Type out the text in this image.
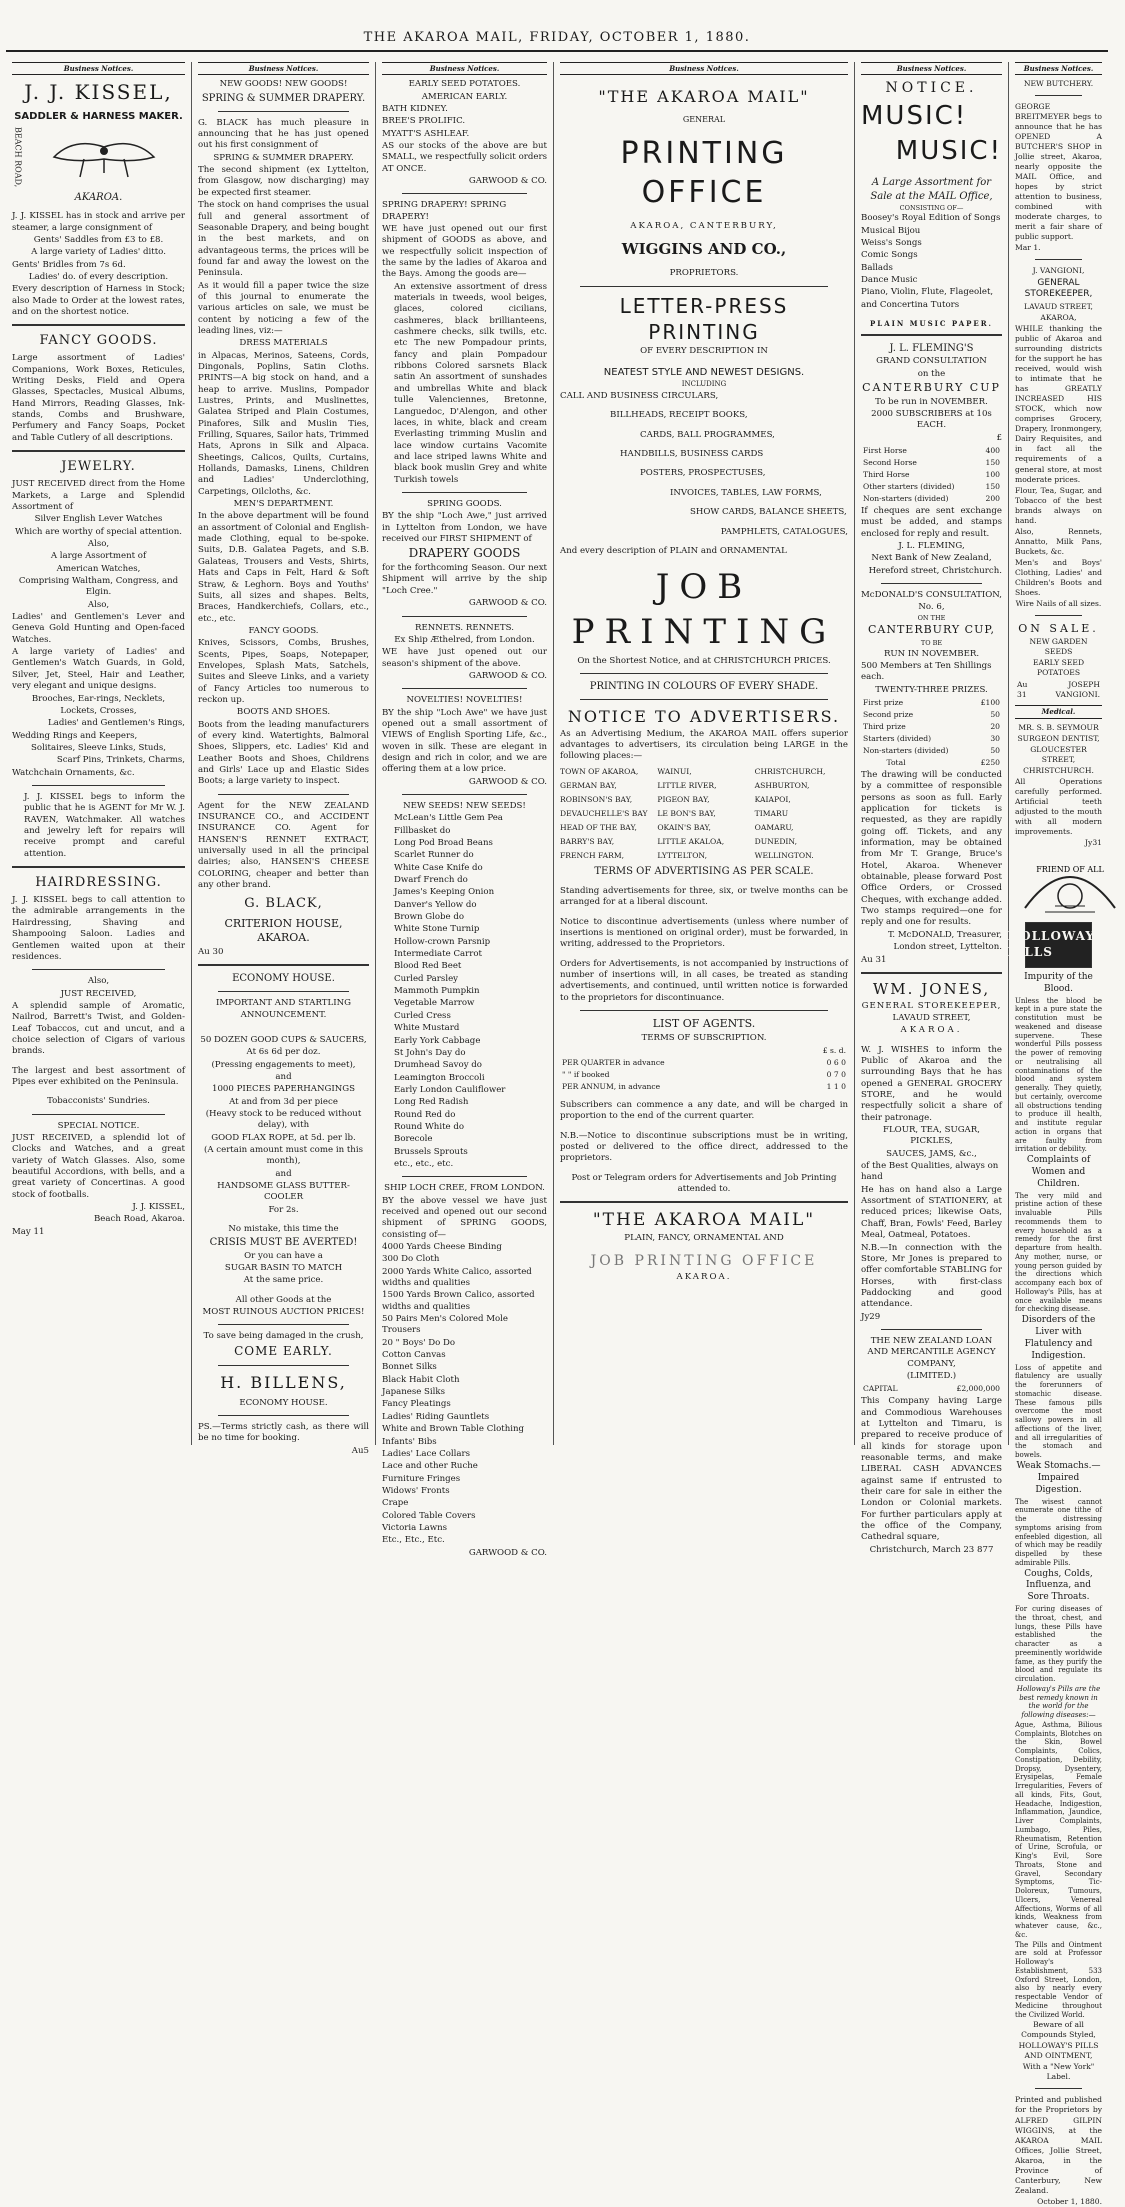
THE AKAROA MAIL, FRIDAY, OCTOBER 1, 1880.
Business Notices.
J. J. KISSEL,
SADDLER & HARNESS MAKER.
BEACH ROAD,
AKAROA.

J. J. KISSEL has in stock and arrive per steamer, a large consignment of

Gents' Saddles from £3 to £8.

A large variety of Ladies' ditto.

Gents' Bridles from 7s 6d.

Ladies' do. of every description.

Every description of Harness in Stock; also Made to Order at the lowest rates, and on the shortest notice.

FANCY GOODS.

Large assortment of Ladies' Companions, Work Boxes, Reticules, Writing Desks, Field and Opera Glasses, Spectacles, Musical Albums, Hand Mirrors, Reading Glasses, Ink-stands, Combs and Brushware, Perfumery and Fancy Soaps, Pocket and Table Cutlery of all descriptions.

JEWELRY.

JUST RECEIVED direct from the Home Markets, a Large and Splendid Assortment of

Silver English Lever Watches

Which are worthy of special attention.

Also,

A large Assortment of

American Watches,

Comprising Waltham, Congress, and Elgin.

Also,

Ladies' and Gentlemen's Lever and Geneva Gold Hunting and Open-faced Watches.

A large variety of Ladies' and Gentlemen's Watch Guards, in Gold, Silver, Jet, Steel, Hair and Leather, very elegant and unique designs.

Brooches, Ear-rings, Necklets,

Lockets, Crosses,

Ladies' and Gentlemen's Rings,

Wedding Rings and Keepers,

Solitaires, Sleeve Links, Studs,

Scarf Pins, Trinkets, Charms,

Watchchain Ornaments, &c.

J. J. KISSEL begs to inform the public that he is AGENT for Mr W. J. RAVEN, Watchmaker. All watches and jewelry left for repairs will receive prompt and careful attention.

HAIRDRESSING.

J. J. KISSEL begs to call attention to the admirable arrangements in the Hairdressing, Shaving and Shampooing Saloon. Ladies and Gentlemen waited upon at their residences.

Also,

JUST RECEIVED,

A splendid sample of Aromatic, Nailrod, Barrett's Twist, and Golden-Leaf Tobaccos, cut and uncut, and a choice selection of Cigars of various brands.

The largest and best assortment of Pipes ever exhibited on the Peninsula.

Tobacconists' Sundries.

SPECIAL NOTICE.

JUST RECEIVED, a splendid lot of Clocks and Watches, and a great variety of Watch Glasses. Also, some beautiful Accordions, with bells, and a great variety of Concertinas. A good stock of footballs.

J. J. KISSEL,

Beach Road, Akaroa.

May 11

Business Notices.

NEW GOODS! NEW GOODS!

SPRING & SUMMER DRAPERY.

G. BLACK has much pleasure in announcing that he has just opened out his first consignment of

SPRING & SUMMER DRAPERY.

The second shipment (ex Lyttelton, from Glasgow, now discharging) may be expected first steamer.

The stock on hand comprises the usual full and general assortment of Seasonable Drapery, and being bought in the best markets, and on advantageous terms, the prices will be found far and away the lowest on the Peninsula.

As it would fill a paper twice the size of this journal to enumerate the various articles on sale, we must be content by noticing a few of the leading lines, viz:—

DRESS MATERIALS

in Alpacas, Merinos, Sateens, Cords, Dingonals, Poplins, Satin Cloths. PRINTS—A big stock on hand, and a heap to arrive. Muslins, Pompador Lustres, Prints, and Muslinettes, Galatea Striped and Plain Costumes, Pinafores, Silk and Muslin Ties, Frilling, Squares, Sailor hats, Trimmed Hats, Aprons in Silk and Alpaca. Sheetings, Calicos, Quilts, Curtains, Hollands, Damasks, Linens, Children and Ladies' Underclothing, Carpetings, Oilcloths, &c.

MEN'S DEPARTMENT.

In the above department will be found an assortment of Colonial and English-made Clothing, equal to be-spoke. Suits, D.B. Galatea Pagets, and S.B. Galateas, Trousers and Vests, Shirts, Hats and Caps in Felt, Hard & Soft Straw, & Leghorn. Boys and Youths' Suits, all sizes and shapes. Belts, Braces, Handkerchiefs, Collars, etc., etc., etc.

FANCY GOODS.

Knives, Scissors, Combs, Brushes, Scents, Pipes, Soaps, Notepaper, Envelopes, Splash Mats, Satchels, Suites and Sleeve Links, and a variety of Fancy Articles too numerous to reckon up.

BOOTS AND SHOES.

Boots from the leading manufacturers of every kind. Watertights, Balmoral Shoes, Slippers, etc. Ladies' Kid and Leather Boots and Shoes, Childrens and Girls' Lace up and Elastic Sides Boots; a large variety to inspect.

Agent for the NEW ZEALAND INSURANCE CO., and ACCIDENT INSURANCE CO. Agent for HANSEN'S RENNET EXTRACT, universally used in all the principal dairies; also, HANSEN'S CHEESE COLORING, cheaper and better than any other brand.

G. BLACK,

CRITERION HOUSE, AKAROA.

Au 30

ECONOMY HOUSE.

IMPORTANT AND STARTLING ANNOUNCEMENT.

50 DOZEN GOOD CUPS & SAUCERS,

At 6s 6d per doz.

(Pressing engagements to meet),

and

1000 PIECES PAPERHANGINGS

At and from 3d per piece

(Heavy stock to be reduced without delay), with

GOOD FLAX ROPE, at 5d. per lb.

(A certain amount must come in this month),

and

HANDSOME GLASS BUTTER-COOLER

For 2s.

No mistake, this time the

CRISIS MUST BE AVERTED!

Or you can have a

SUGAR BASIN TO MATCH

At the same price.

All other Goods at the

MOST RUINOUS AUCTION PRICES!

To save being damaged in the crush,

COME EARLY.

H. BILLENS,

ECONOMY HOUSE.

PS.—Terms strictly cash, as there will be no time for booking.

Au5

Business Notices.

EARLY SEED POTATOES.

AMERICAN EARLY.

BATH KIDNEY.

BREE'S PROLIFIC.

MYATT'S ASHLEAF.

AS our stocks of the above are but SMALL, we respectfully solicit orders AT ONCE.

GARWOOD & CO.

SPRING DRAPERY! SPRING DRAPERY!

WE have just opened out our first shipment of GOODS as above, and we respectfully solicit inspection of the same by the ladies of Akaroa and the Bays. Among the goods are—

An extensive assortment of dress materials in tweeds, wool beiges, glaces, colored cicilians, cashmeres, black brillianteens, cashmere checks, silk twills, etc. etc The new Pompadour prints, fancy and plain Pompadour ribbons Colored sarsnets Black satin An assortment of sunshades and umbrellas White and black tulle Valenciennes, Bretonne, Languedoc, D'Alengon, and other laces, in white, black and cream Everlasting trimming Muslin and lace window curtains Vacomite and lace striped lawns White and black book muslin Grey and white Turkish towels

SPRING GOODS.

BY the ship "Loch Awe," just arrived in Lyttelton from London, we have received our FIRST SHIPMENT of

DRAPERY GOODS

for the forthcoming Season. Our next Shipment will arrive by the ship "Loch Cree."

GARWOOD & CO.

RENNETS. RENNETS.

Ex Ship Æthelred, from London.

WE have just opened out our season's shipment of the above.

GARWOOD & CO.

NOVELTIES! NOVELTIES!

BY the ship "Loch Awe" we have just opened out a small assortment of VIEWS of English Sporting Life, &c., woven in silk. These are elegant in design and rich in color, and we are offering them at a low price.

GARWOOD & CO.

NEW SEEDS! NEW SEEDS!

McLean's Little Gem Pea

Fillbasket do

Long Pod Broad Beans

Scarlet Runner do

White Case Knife do

Dwarf French do

James's Keeping Onion

Danver's Yellow do

Brown Globe do

White Stone Turnip

Hollow-crown Parsnip

Intermediate Carrot

Blood Red Beet

Curled Parsley

Mammoth Pumpkin

Vegetable Marrow

Curled Cress

White Mustard

Early York Cabbage

St John's Day do

Drumhead Savoy do

Leamington Broccoli

Early London Cauliflower

Long Red Radish

Round Red do

Round White do

Borecole

Brussels Sprouts

etc., etc., etc.

SHIP LOCH CREE, FROM LONDON.

BY the above vessel we have just received and opened out our second shipment of SPRING GOODS, consisting of—

4000 Yards Cheese Binding

300 Do Cloth

2000 Yards White Calico, assorted widths and qualities

1500 Yards Brown Calico, assorted widths and qualities

50 Pairs Men's Colored Mole Trousers

20 " Boys' Do Do

Cotton Canvas

Bonnet Silks

Black Habit Cloth

Japanese Silks

Fancy Pleatings

Ladies' Riding Gauntlets

White and Brown Table Clothing

Infants' Bibs

Ladies' Lace Collars

Lace and other Ruche

Furniture Fringes

Widows' Fronts

Crape

Colored Table Covers

Victoria Lawns

Etc., Etc., Etc.

GARWOOD & CO.

Business Notices.

"THE AKAROA MAIL"

GENERAL

PRINTING OFFICE

AKAROA, CANTERBURY,

WIGGINS AND CO.,

PROPRIETORS.

LETTER-PRESS PRINTING

OF EVERY DESCRIPTION IN

NEATEST STYLE AND NEWEST DESIGNS.

INCLUDING

CALL AND BUSINESS CIRCULARS,

BILLHEADS, RECEIPT BOOKS,

CARDS, BALL PROGRAMMES,

HANDBILLS, BUSINESS CARDS

POSTERS, PROSPECTUSES,

INVOICES, TABLES, LAW FORMS,

SHOW CARDS, BALANCE SHEETS,

PAMPHLETS, CATALOGUES,

And every description of PLAIN and ORNAMENTAL

JOB PRINTING

On the Shortest Notice, and at CHRISTCHURCH PRICES.

PRINTING IN COLOURS OF EVERY SHADE.

NOTICE TO ADVERTISERS.

As an Advertising Medium, the AKAROA MAIL offers superior advantages to advertisers, its circulation being LARGE in the following places:—

TOWN OF AKAROA,	WAINUI,	CHRISTCHURCH,
GERMAN BAY,	LITTLE RIVER,	ASHBURTON,
ROBINSON'S BAY,	PIGEON BAY,	KAIAPOI,
DEVAUCHELLE'S BAY	LE BON'S BAY,	TIMARU
HEAD OF THE BAY,	OKAIN'S BAY,	OAMARU,
BARRY'S BAY,	LITTLE AKALOA,	DUNEDIN,
FRENCH FARM,	LYTTELTON,	WELLINGTON.

TERMS OF ADVERTISING AS PER SCALE.

Standing advertisements for three, six, or twelve months can be arranged for at a liberal discount.

Notice to discontinue advertisements (unless where number of insertions is mentioned on original order), must be forwarded, in writing, addressed to the Proprietors.

Orders for Advertisements, is not accompanied by instructions of number of insertions will, in all cases, be treated as standing advertisements, and continued, until written notice is forwarded to the proprietors for discontinuance.

LIST OF AGENTS.

TERMS OF SUBSCRIPTION.

	£ s. d.
PER QUARTER in advance	0 6 0
" " if booked	0 7 0
PER ANNUM, in advance	1 1 0

Subscribers can commence a any date, and will be charged in proportion to the end of the current quarter.

N.B.—Notice to discontinue subscriptions must be in writing, posted or delivered to the office direct, addressed to the proprietors.

Post or Telegram orders for Advertisements and Job Printing attended to.

"THE AKAROA MAIL"

PLAIN, FANCY, ORNAMENTAL AND

JOB PRINTING OFFICE

AKAROA.

Business Notices.

NOTICE.

MUSIC!

MUSIC!

A Large Assortment for Sale at the MAIL Office,

CONSISTING OF—

Boosey's Royal Edition of Songs

Musical Bijou

Weiss's Songs

Comic Songs

Ballads

Dance Music

Piano, Violin, Flute, Flageolet,

and Concertina Tutors

PLAIN MUSIC PAPER.

J. L. FLEMING'S

GRAND CONSULTATION

on the

CANTERBURY CUP

To be run in NOVEMBER.

2000 SUBSCRIBERS at 10s EACH.

£

First Horse	400
Second Horse	150
Third Horse	100
Other starters (divided)	150
Non-starters (divided)	200

If cheques are sent exchange must be added, and stamps enclosed for reply and result.

J. L. FLEMING,

Next Bank of New Zealand,

Hereford street, Christchurch.

McDONALD'S CONSULTATION, No. 6,

ON THE

CANTERBURY CUP,

TO BE

RUN IN NOVEMBER.

500 Members at Ten Shillings each.

TWENTY-THREE PRIZES.

First prize	£100
Second prize	50
Third prize	20
Starters (divided)	30
Non-starters (divided)	50
Total	£250

The drawing will be conducted by a committee of responsible persons as soon as full. Early application for tickets is requested, as they are rapidly going off. Tickets, and any information, may be obtained from Mr T. Grange, Bruce's Hotel, Akaroa. Whenever obtainable, please forward Post Office Orders, or Crossed Cheques, with exchange added. Two stamps required—one for reply and one for results.

T. McDONALD, Treasurer,

London street, Lyttelton.

Au 31

WM. JONES,

GENERAL STOREKEEPER,

LAVAUD STREET,

AKAROA.

W. J. WISHES to inform the Public of Akaroa and the surrounding Bays that he has opened a GENERAL GROCERY STORE, and he would respectfully solicit a share of their patronage.

FLOUR, TEA, SUGAR, PICKLES,

SAUCES, JAMS, &c.,

of the Best Qualities, always on hand

He has on hand also a Large Assortment of STATIONERY, at reduced prices; likewise Oats, Chaff, Bran, Fowls' Feed, Barley Meal, Oatmeal, Potatoes.

N.B.—In connection with the Store, Mr Jones is prepared to offer comfortable STABLING for Horses, with first-class Paddocking and good attendance.

Jy29

THE NEW ZEALAND LOAN AND MERCANTILE AGENCY COMPANY,

(LIMITED.)

CAPITAL	£2,000,000

This Company having Large and Commodious Warehouses at Lyttelton and Timaru, is prepared to receive produce of all kinds for storage upon reasonable terms, and make LIBERAL CASH ADVANCES against same if entrusted to their care for sale in either the London or Colonial markets. For further particulars apply at the office of the Company, Cathedral square,

Christchurch, March 23 877

Business Notices.

NEW BUTCHERY.

GEORGE BREITMEYER begs to announce that he has OPENED A BUTCHER'S SHOP in Jollie street, Akaroa, nearly opposite the MAIL Office, and hopes by strict attention to business, combined with moderate charges, to merit a fair share of public support.

Mar 1.

J. VANGIONI,

GENERAL STOREKEEPER,

LAVAUD STREET,

AKAROA,

WHILE thanking the public of Akaroa and surrounding districts for the support he has received, would wish to intimate that he has GREATLY INCREASED HIS STOCK, which now comprises Grocery, Drapery, Ironmongery, Dairy Requisites, and in fact all the requirements of a general store, at most moderate prices.

Flour, Tea, Sugar, and Tobacco of the best brands always on hand.

Also, Rennets, Annatto, Milk Pans, Buckets, &c.

Men's and Boys' Clothing, Ladies' and Children's Boots and Shoes.

Wire Nails of all sizes.

ON SALE.

NEW GARDEN SEEDS

EARLY SEED POTATOES

Au 31	JOSEPH VANGIONI.
Medical.

MR. S. B. SEYMOUR

SURGEON DENTIST,

GLOUCESTER STREET,

CHRISTCHURCH.

All Operations carefully performed. Artificial teeth adjusted to the mouth with all modern improvements.

Jy31

FRIEND OF ALL
HOLLOWAY'S PILLS

Impurity of the Blood.

Unless the blood be kept in a pure state the constitution must be weakened and disease supervene. These wonderful Pills possess the power of removing or neutralising all contaminations of the blood and system generally. They quietly, but certainly, overcome all obstructions tending to produce ill health, and institute regular action in organs that are faulty from irritation or debility.

Complaints of Women and Children.

The very mild and pristine action of these invaluable Pills recommends them to every household as a remedy for the first departure from health. Any mother, nurse, or young person guided by the directions which accompany each box of Holloway's Pills, has at once available means for checking disease.

Disorders of the Liver with Flatulency and Indigestion.

Loss of appetite and flatulency are usually the forerunners of stomachic disease. These famous pills overcome the most sallowy powers in all affections of the liver, and all irregularities of the stomach and bowels.

Weak Stomachs.—Impaired Digestion.

The wisest cannot enumerate one tithe of the distressing symptoms arising from enfeebled digestion, all of which may be readily dispelled by these admirable Pills.

Coughs, Colds, Influenza, and Sore Throats.

For curing diseases of the throat, chest, and lungs, these Pills have established the character as a preeminently worldwide fame, as they purify the blood and regulate its circulation.

Holloway's Pills are the best remedy known in the world for the following diseases:—

Ague, Asthma, Bilious Complaints, Blotches on the Skin, Bowel Complaints, Colics, Constipation, Debility, Dropsy, Dysentery, Erysipelas, Female Irregularities, Fevers of all kinds, Fits, Gout, Headache, Indigestion, Inflammation, Jaundice, Liver Complaints, Lumbago, Piles, Rheumatism, Retention of Urine, Scrofula, or King's Evil, Sore Throats, Stone and Gravel, Secondary Symptoms, Tic-Doloreux, Tumours, Ulcers, Venereal Affections, Worms of all kinds, Weakness from whatever cause, &c., &c.

The Pills and Ointment are sold at Professor Holloway's Establishment, 533 Oxford Street, London, also by nearly every respectable Vendor of Medicine throughout the Civilized World.

Beware of all Compounds Styled,

HOLLOWAY'S PILLS AND OINTMENT,

With a "New York" Label.

Printed and published for the Proprietors by ALFRED GILPIN WIGGINS, at the AKAROA MAIL Offices, Jollie Street, Akaroa, in the Province of Canterbury, New Zealand.

October 1, 1880.
